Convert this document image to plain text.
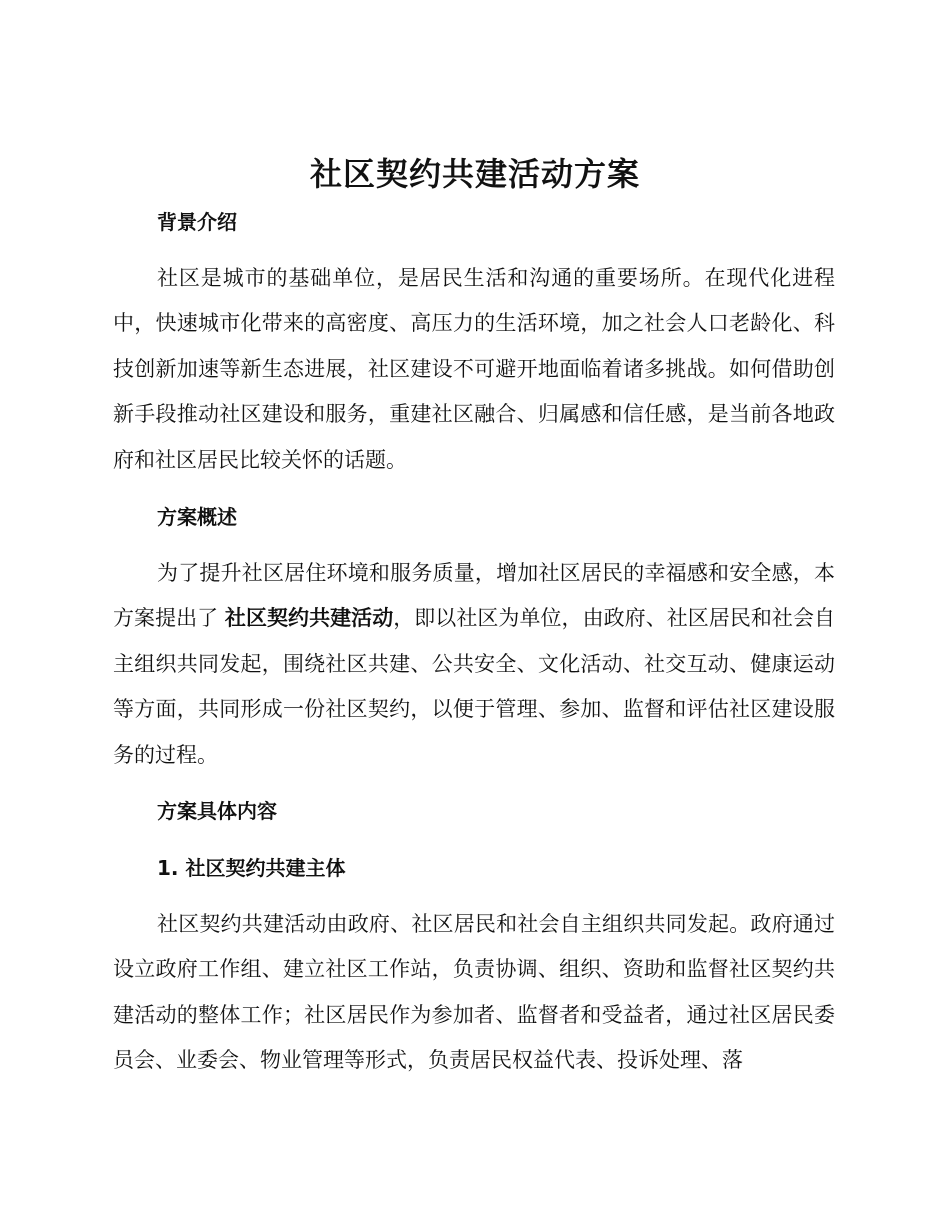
社区契约共建活动方案
背景介绍

社区是城市的基础单位，是居民生活和沟通的重要场所。在现代化进程中，快速城市化带来的高密度、高压力的生活环境，加之社会人口老龄化、科技创新加速等新生态进展，社区建设不可避开地面临着诸多挑战。如何借助创新手段推动社区建设和服务，重建社区融合、归属感和信任感，是当前各地政府和社区居民比较关怀的话题。

方案概述

为了提升社区居住环境和服务质量，增加社区居民的幸福感和安全感，本方案提出了 社区契约共建活动，即以社区为单位，由政府、社区居民和社会自主组织共同发起，围绕社区共建、公共安全、文化活动、社交互动、健康运动等方面，共同形成一份社区契约，以便于管理、参加、监督和评估社区建设服务的过程。

方案具体内容
1. 社区契约共建主体

社区契约共建活动由政府、社区居民和社会自主组织共同发起。政府通过设立政府工作组、建立社区工作站，负责协调、组织、资助和监督社区契约共建活动的整体工作；社区居民作为参加者、监督者和受益者，通过社区居民委员会、业委会、物业管理等形式，负责居民权益代表、投诉处理、落
